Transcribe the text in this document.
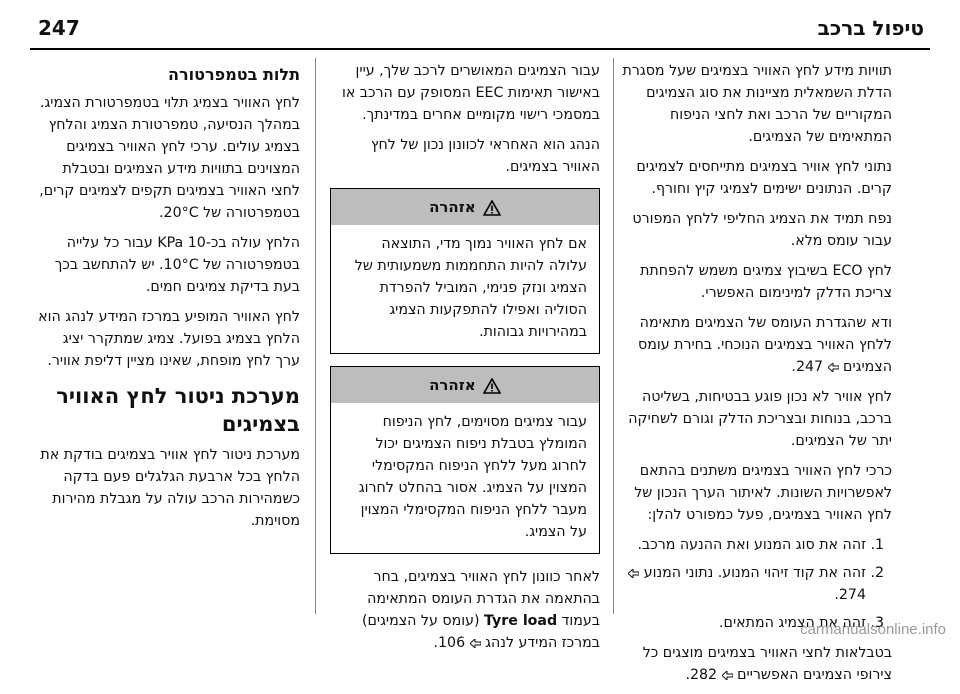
247	טיפול ברכב

תוויות מידע לחץ האוויר בצמיגים שעל מסגרת הדלת השמאלית מציינות את סוג הצמיגים המקוריים של הרכב ואת לחצי הניפוח המתאימים של הצמיגים.

נתוני לחץ אוויר בצמיגים מתייחסים לצמיגים קרים. הנתונים ישימים לצמיגי קיץ וחורף.

נפח תמיד את הצמיג החליפי ללחץ המפורט עבור עומס מלא.

לחץ ECO בשיבוץ צמיגים משמש להפחתת צריכת הדלק למינימום האפשרי.

ודא שהגדרת העומס של הצמיגים מתאימה ללחץ האוויר בצמיגים הנוכחי. בחירת עומס הצמיגים  247.

לחץ אוויר לא נכון פוגע בבטיחות, בשליטה ברכב, בנוחות ובצריכת הדלק וגורם לשחיקה יתר של הצמיגים.

כרכי לחץ האוויר בצמיגים משתנים בהתאם לאפשרויות השונות. לאיתור הערך הנכון של לחץ האוויר בצמיגים, פעל כמפורט להלן:

1. זהה את סוג המנוע ואת ההנעה מרכב.
2. זהה את קוד זיהוי המנוע. נתוני המנוע  274.
3. זהה את הצמיג המתאים.

בטבלאות לחצי האוויר בצמיגים מוצגים כל צירופי הצמיגים האפשריים  282.

עבור הצמיגים המאושרים לרכב שלך, עיין באישור תאימות EEC המסופק עם הרכב או במסמכי רישוי מקומיים אחרים במדינתך.

הנהג הוא האחראי לכוונון נכון של לחץ האוויר בצמיגים.

אזהרה

אם לחץ האוויר נמוך מדי, התוצאה עלולה להיות התחממות משמעותית של הצמיג ונזק פנימי, המוביל להפרדת הסוליה ואפילו להתפקעות הצמיג במהירויות גבוהות.

אזהרה

עבור צמיגים מסוימים, לחץ הניפוח המומלץ בטבלת ניפוח הצמיגים יכול לחרוג מעל ללחץ הניפוח המקסימלי המצוין על הצמיג. אסור בהחלט לחרוג מעבר ללחץ הניפוח המקסימלי המצוין על הצמיג.

לאחר כוונון לחץ האוויר בצמיגים, בחר בהתאמה את הגדרת העומס המתאימה בעמוד Tyre load (עומס על הצמיגים) במרכז המידע לנהג  106.

תלות בטמפרטורה

לחץ האוויר בצמיג תלוי בטמפרטורת הצמיג. במהלך הנסיעה, טמפרטורת הצמיג והלחץ בצמיג עולים. ערכי לחץ האוויר בצמיגים המצוינים בתוויות מידע הצמיגים ובטבלת לחצי האוויר בצמיגים תקפים לצמיגים קרים, בטמפרטורה של 20°C.

הלחץ עולה בכ-10 KPa עבור כל עלייה בטמפרטורה של 10°C. יש להתחשב בכך בעת בדיקת צמיגים חמים.

לחץ האוויר המופיע במרכז המידע לנהג הוא הלחץ בצמיג בפועל. צמיג שמתקרר יציג ערך לחץ מופחת, שאינו מציין דליפת אוויר.

מערכת ניטור לחץ האוויר בצמיגים

מערכת ניטור לחץ אוויר בצמיגים בודקת את הלחץ בכל ארבעת הגלגלים פעם בדקה כשמהירות הרכב עולה על מגבלת מהירות מסוימת.

carmanualsonline.info
